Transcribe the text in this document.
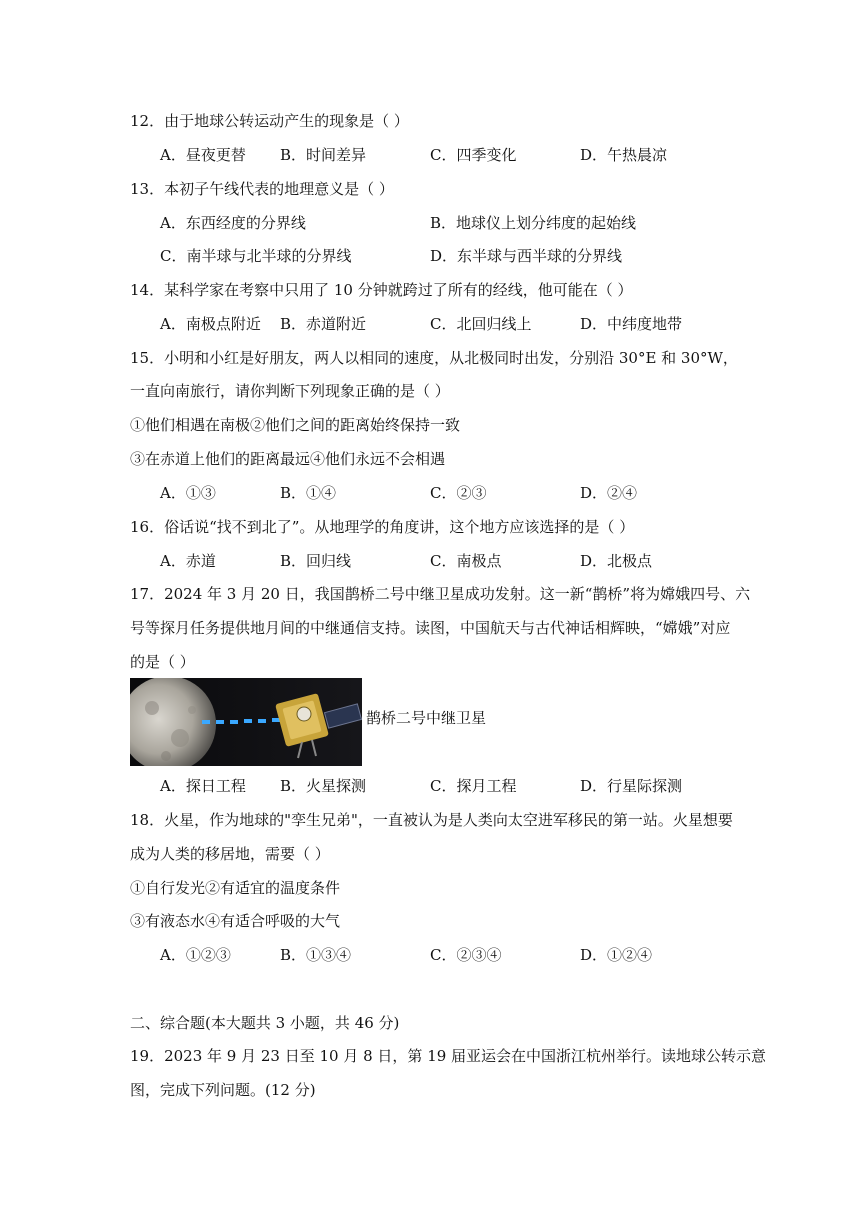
12．由于地球公转运动产生的现象是（ ）
A．昼夜更替 B．时间差异	C．四季变化	D．午热晨凉
13．本初子午线代表的地理意义是（ ）
A．东西经度的分界线	B．地球仪上划分纬度的起始线
C．南半球与北半球的分界线	D．东半球与西半球的分界线
14．某科学家在考察中只用了 10 分钟就跨过了所有的经线，他可能在（ ）
A．南极点附近 B．赤道附近	C．北回归线上	D．中纬度地带
15．小明和小红是好朋友，两人以相同的速度，从北极同时出发，分别沿 30°E 和 30°W，
一直向南旅行，请你判断下列现象正确的是（ ）
①他们相遇在南极②他们之间的距离始终保持一致
③在赤道上他们的距离最远④他们永远不会相遇
A．①③	B．①④	C．②③	D．②④
16．俗话说“找不到北了”。从地理学的角度讲，这个地方应该选择的是（ ）
A．赤道	B．回归线	C．南极点	D．北极点
17．2024 年 3 月 20 日，我国鹊桥二号中继卫星成功发射。这一新“鹊桥”将为嫦娥四号、六
号等探月任务提供地月间的中继通信支持。读图，中国航天与古代神话相辉映，“嫦娥”对应
的是（ ）
鹊桥二号中继卫星
A．探日工程 B．火星探测	C．探月工程	D．行星际探测
18．火星，作为地球的"孪生兄弟"，一直被认为是人类向太空进军移民的第一站。火星想要
成为人类的移居地，需要（ ）
①自行发光②有适宜的温度条件
③有液态水④有适合呼吸的大气
A．①②③	B．①③④	C．②③④	D．①②④
二、综合题(本大题共 3 小题，共 46 分)
19．2023 年 9 月 23 日至 10 月 8 日，第 19 届亚运会在中国浙江杭州举行。读地球公转示意
图，完成下列问题。(12 分)
